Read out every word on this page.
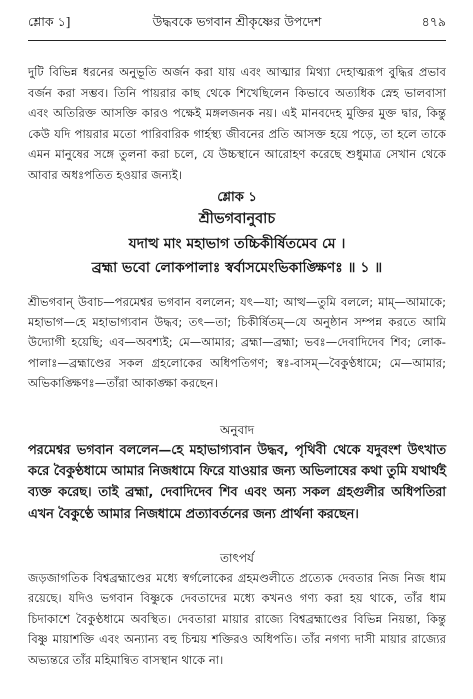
শ্লোক ১]	উদ্ধবকে ভগবান শ্রীকৃষ্ণের উপদেশ	৪৭৯
দুটি বিভিন্ন ধরনের অনুভূতি অর্জন করা যায় এবং আত্মার মিথ্যা দেহাত্মরূপ বুদ্ধির প্রভাব বর্জন করা সম্ভব। তিনি পায়রার কাছ থেকে শিখেছিলেন কিভাবে অত্যধিক স্নেহ ভালবাসা এবং অতিরিক্ত আসক্তি কারও পক্ষেই মঙ্গলজনক নয়। এই মানবদেহ মুক্তির মুক্ত দ্বার, কিন্তু কেউ যদি পায়রার মতো পারিবারিক গার্হস্থ্য জীবনের প্রতি আসক্ত হয়ে পড়ে, তা হলে তাকে এমন মানুষের সঙ্গে তুলনা করা চলে, যে উচ্চস্থানে আরোহণ করেছে শুধুমাত্র সেখান থেকে আবার অধঃপতিত হওয়ার জন্যই।
শ্লোক ১
শ্রীভগবানুবাচ
যদাত্থ মাং মহাভাগ তচ্চিকীর্ষিতমেব মে ।
ব্রহ্মা ভবো লোকপালাঃ স্বর্বাসমেংভিকাঙ্ক্ষিণঃ ॥ ১ ॥
শ্রীভগবান্ উবাচ—পরমেশ্বর ভগবান বললেন; যৎ—যা; আত্থ—তুমি বললে; মাম্—আমাকে; মহাভাগ—হে মহাভাগ্যবান উদ্ধব; তৎ—তা; চিকীর্ষিতম্—যে অনুষ্ঠান সম্পন্ন করতে আমি উদ্যোগী হয়েছি; এব—অবশ্যই; মে—আমার; ব্রহ্মা—ব্রহ্মা; ভবঃ—দেবাদিদেব শিব; লোক-পালাঃ—ব্রহ্মাণ্ডের সকল গ্রহলোকের অধিপতিগণ; স্বঃ-বাসম্—বৈকুণ্ঠধামে; মে—আমার; অভিকাঙ্ক্ষিণঃ—তাঁরা আকাঙ্ক্ষা করছেন।
অনুবাদ
পরমেশ্বর ভগবান বললেন—হে মহাভাগ্যবান উদ্ধব, পৃথিবী থেকে যদুবংশ উৎখাত করে বৈকুণ্ঠধামে আমার নিজধামে ফিরে যাওয়ার জন্য অভিলাষের কথা তুমি যথার্থই ব্যক্ত করেছ। তাই ব্রহ্মা, দেবাদিদেব শিব এবং অন্য সকল গ্রহগুলীর অধিপতিরা এখন বৈকুণ্ঠে আমার নিজধামে প্রত্যাবর্তনের জন্য প্রার্থনা করছেন।
তাৎপর্য
জড়জাগতিক বিশ্বব্রহ্মাণ্ডের মধ্যে স্বর্গলোকের গ্রহমণ্ডলীতে প্রত্যেক দেবতার নিজ নিজ ধাম রয়েছে। যদিও ভগবান বিষ্ণুকে দেবতাদের মধ্যে কখনও গণ্য করা হয় থাকে, তাঁর ধাম চিদাকাশে বৈকুণ্ঠধামে অবস্থিত। দেবতারা মায়ার রাজ্যে বিশ্বব্রহ্মাণ্ডের বিভিন্ন নিয়ন্তা, কিন্তু বিষ্ণু মায়াশক্তি এবং অন্যান্য বহু চিন্ময় শক্তিরও অধিপতি। তাঁর নগণ্য দাসী মায়ার রাজ্যের অভ্যন্তরে তাঁর মহিমান্বিত বাসস্থান থাকে না।
